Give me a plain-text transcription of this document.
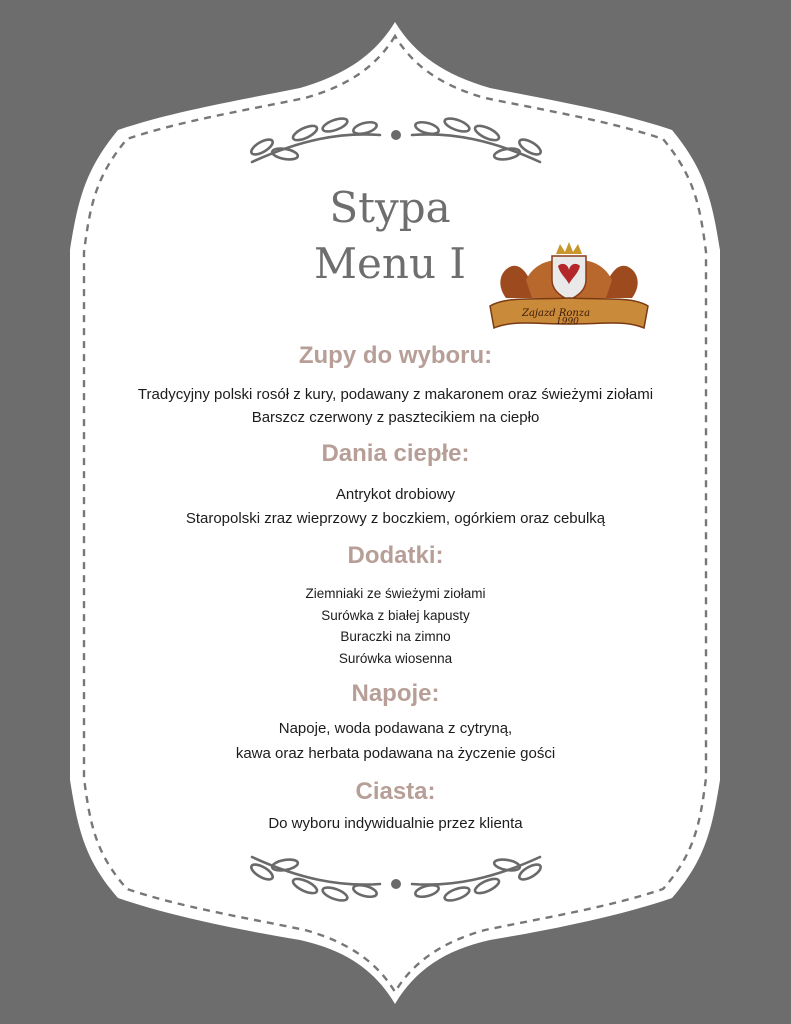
Zajazd Ronza
1990
Stypa
Menu I
Zupy do wyboru:
Tradycyjny polski rosół z kury, podawany z makaronem oraz świeżymi ziołami
Barszcz czerwony z pasztecikiem na ciepło
Dania ciepłe:
Antrykot drobiowy
Staropolski zraz wieprzowy z boczkiem, ogórkiem oraz cebulką
Dodatki:
Ziemniaki ze świeżymi ziołami
Surówka z białej kapusty
Buraczki na zimno
Surówka wiosenna
Napoje:
Napoje, woda podawana z cytryną,
kawa oraz herbata podawana na życzenie gości
Ciasta:
Do wyboru indywidualnie przez klienta
